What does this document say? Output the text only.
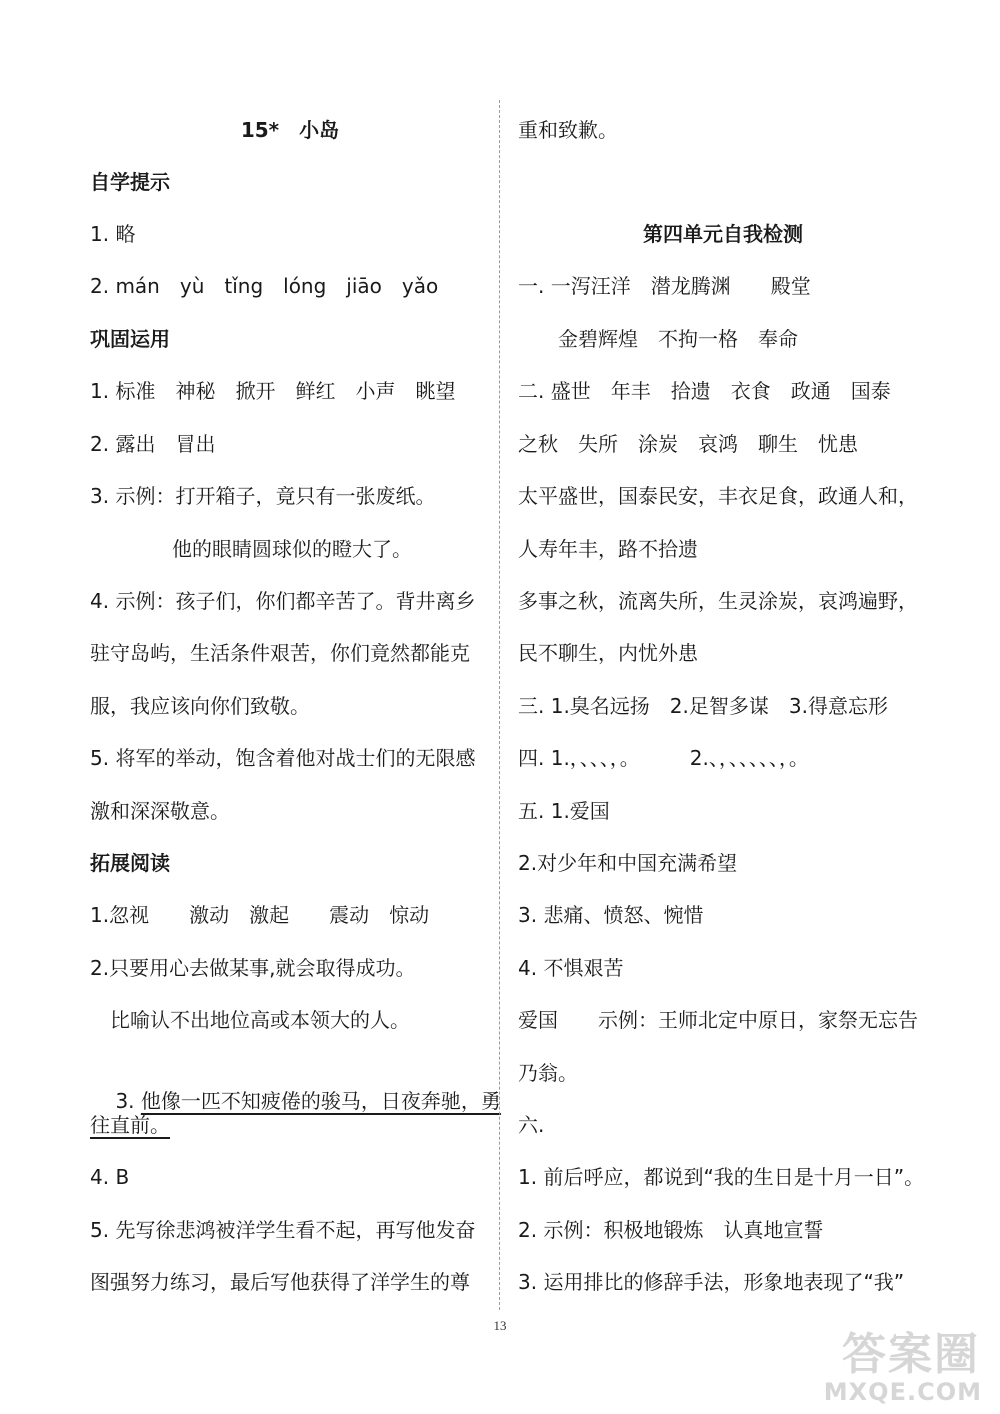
15*　小岛
自学提示
1. 略
2. mán　yù　tǐng　lóng　jiāo　yǎo
巩固运用
1. 标准　神秘　掀开　鲜红　小声　眺望
2. 露出　冒出
3. 示例：打开箱子，竟只有一张废纸。
他的眼睛圆球似的瞪大了。
4. 示例：孩子们，你们都辛苦了。背井离乡
驻守岛屿，生活条件艰苦，你们竟然都能克
服，我应该向你们致敬。
5. 将军的举动，饱含着他对战士们的无限感
激和深深敬意。
拓展阅读
1.忽视　　激动　激起　　震动　惊动
2.只要用心去做某事,就会取得成功。
比喻认不出地位高或本领大的人。

3. 他像一匹不知疲倦的骏马，日夜奔驰，勇

往直前。
4. B
5. 先写徐悲鸿被洋学生看不起，再写他发奋
图强努力练习，最后写他获得了洋学生的尊
重和致歉。
第四单元自我检测
一. 一泻汪洋　潜龙腾渊　　殿堂
金碧辉煌　不拘一格　奉命
二. 盛世　年丰　拾遗　衣食　政通　国泰
之秋　失所　涂炭　哀鸿　聊生　忧患
太平盛世，国泰民安，丰衣足食，政通人和，
人寿年丰，路不拾遗
多事之秋，流离失所，生灵涂炭，哀鸿遍野，
民不聊生，内忧外患
三. 1.臭名远扬　2.足智多谋　3.得意忘形
四. 1.，、、、，。　　　2.、，、、、、、，。
五. 1.爱国
2.对少年和中国充满希望
3. 悲痛、愤怒、惋惜
4. 不惧艰苦
爱国　　示例：王师北定中原日，家祭无忘告
乃翁。
六.
1. 前后呼应，都说到“我的生日是十月一日”。
2. 示例：积极地锻炼　认真地宣誓
3. 运用排比的修辞手法，形象地表现了“我”
13
答案圈
MXQE.COM
